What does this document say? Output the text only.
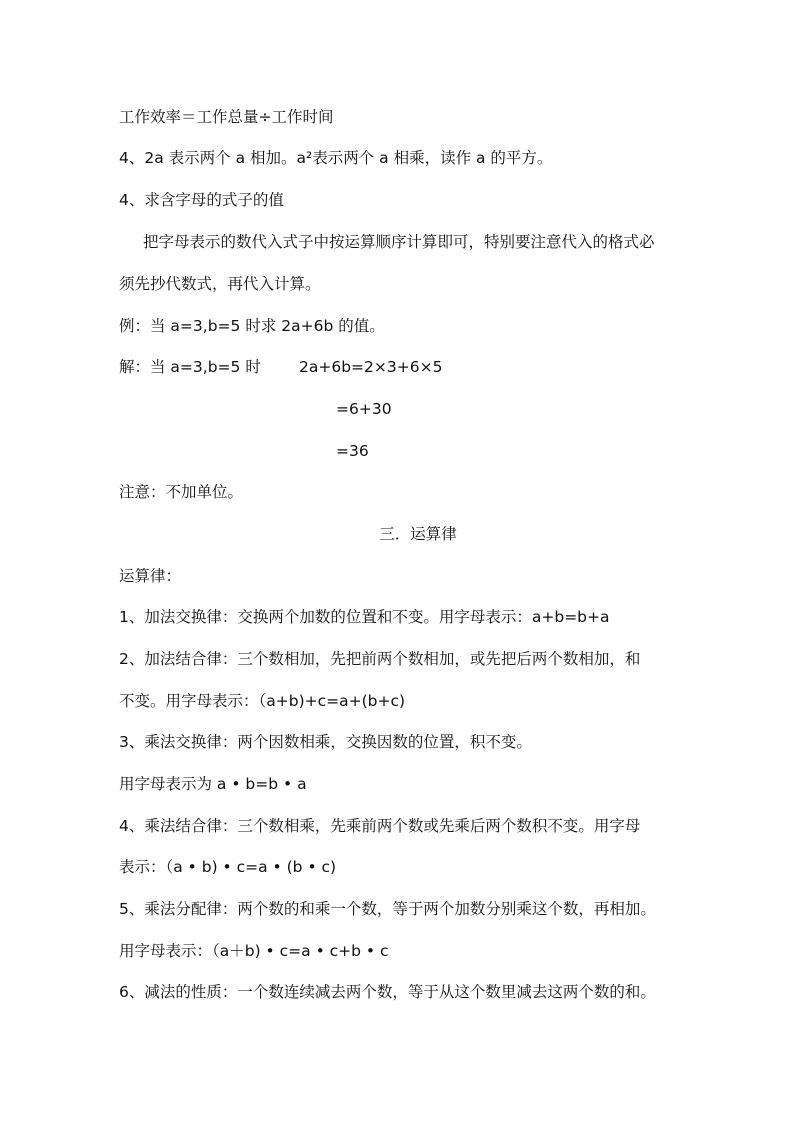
工作效率＝工作总量÷工作时间
4、2a 表示两个 a 相加。a²表示两个 a 相乘，读作 a 的平方。
4、求含字母的式子的值
把字母表示的数代入式子中按运算顺序计算即可，特别要注意代入的格式必
须先抄代数式，再代入计算。
例：当 a=3,b=5 时求 2a+6b 的值。
解：当 a=3,b=5 时 2a+6b=2×3+6×5
=6+30
=36
注意：不加单位。
三．运算律
运算律：
1、加法交换律：交换两个加数的位置和不变。用字母表示：a+b=b+a
2、加法结合律：三个数相加，先把前两个数相加，或先把后两个数相加，和
不变。用字母表示：（a+b)+c=a+(b+c)
3、乘法交换律：两个因数相乘，交换因数的位置，积不变。
用字母表示为 a • b=b • a
4、乘法结合律：三个数相乘，先乘前两个数或先乘后两个数积不变。用字母
表示：（a • b) • c=a • (b • c)
5、乘法分配律：两个数的和乘一个数，等于两个加数分别乘这个数，再相加。
用字母表示：（a＋b) • c=a • c+b • c
6、减法的性质：一个数连续减去两个数，等于从这个数里减去这两个数的和。
